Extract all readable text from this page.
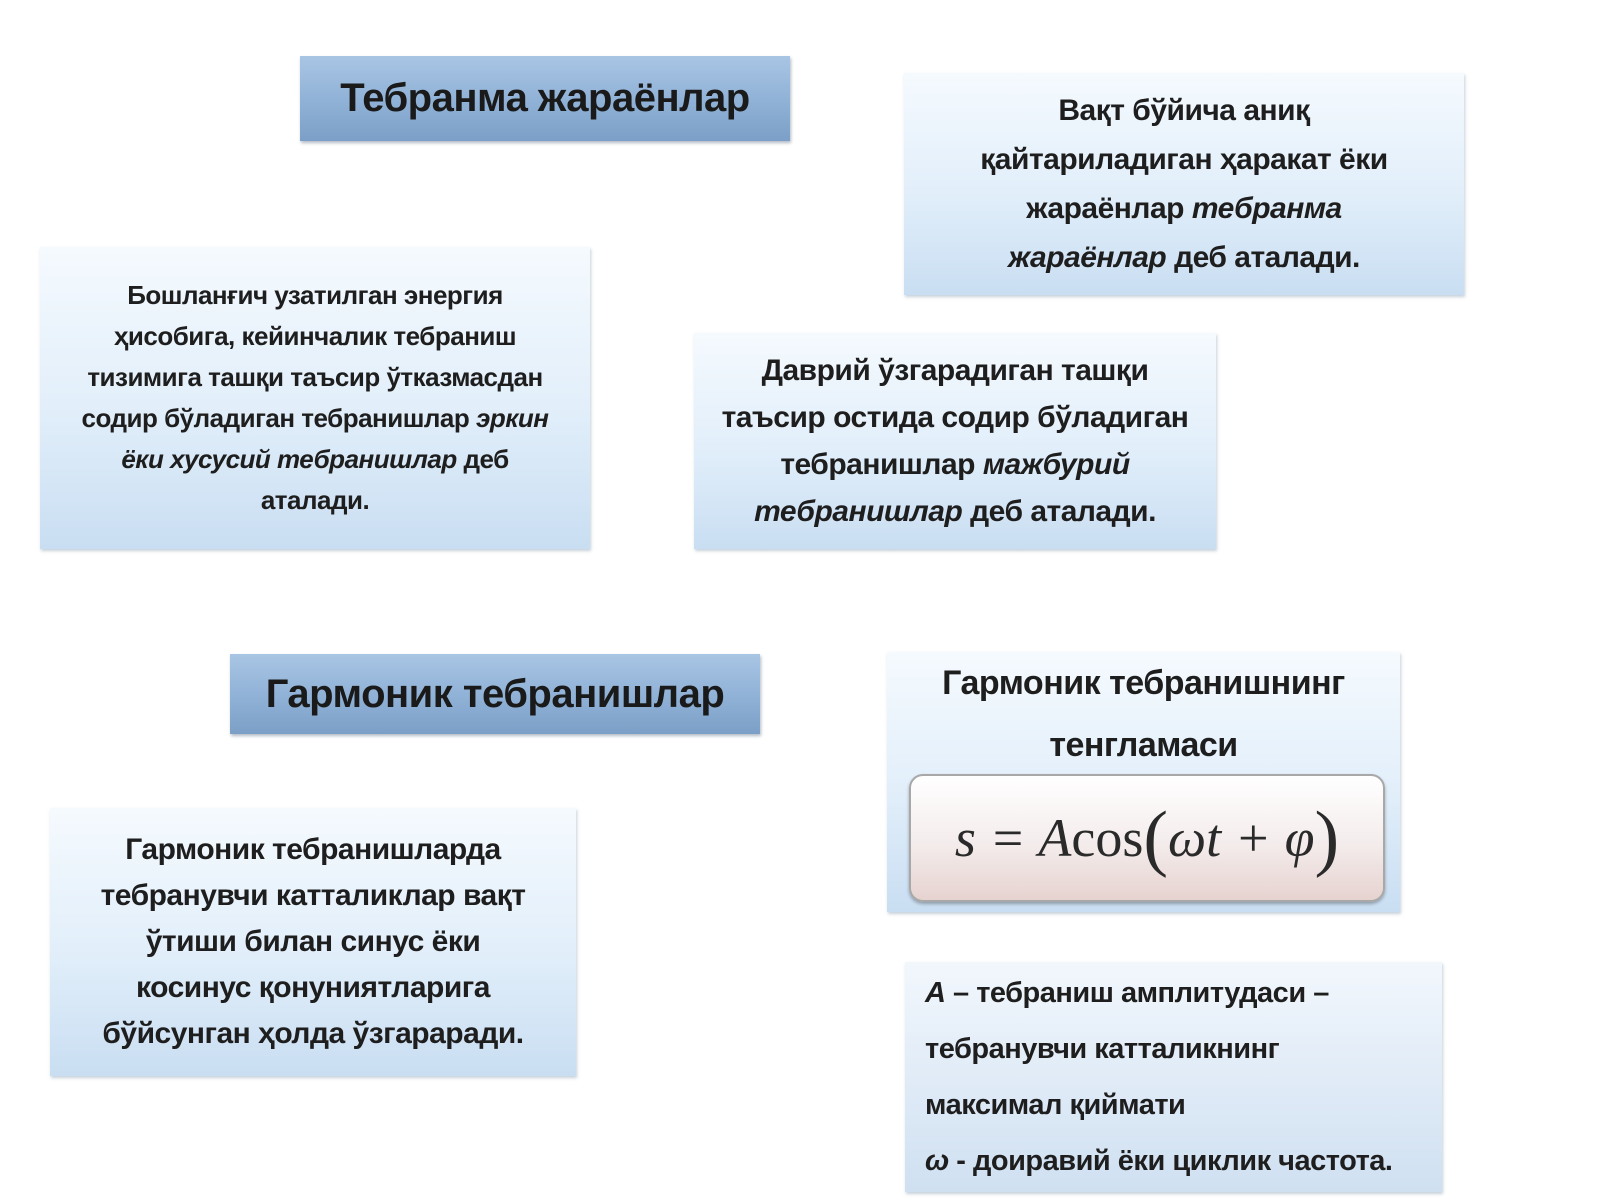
Тебранма жараёнлар	Вақт бўйича аниқ
қайтариладиган ҳаракат ёки
жараёнлар тебранма
жараёнлар деб аталади.
Бошланғич узатилган энергия
ҳисобига, кейинчалик тебраниш
тизимига ташқи таъсир ўтказмасдан
содир бўладиган тебранишлар эркин
ёки хусусий тебранишлар деб
аталади.
Даврий ўзгарадиган ташқи
таъсир остида содир бўладиган
тебранишлар мажбурий
тебранишлар деб аталади.
Гармоник тебранишлар
Гармоник тебранишларда
тебранувчи катталиклар вақт
ўтиши билан синус ёки
косинус қонуниятларига
бўйсунган ҳолда ўзгарaради.
Гармоник тебранишнинг
тенгламаси
s = A cos ( ωt + φ )
A – тебраниш амплитудаси –
тебранувчи катталикнинг
максимал қиймати
ω - доиравий ёки циклик частота.
